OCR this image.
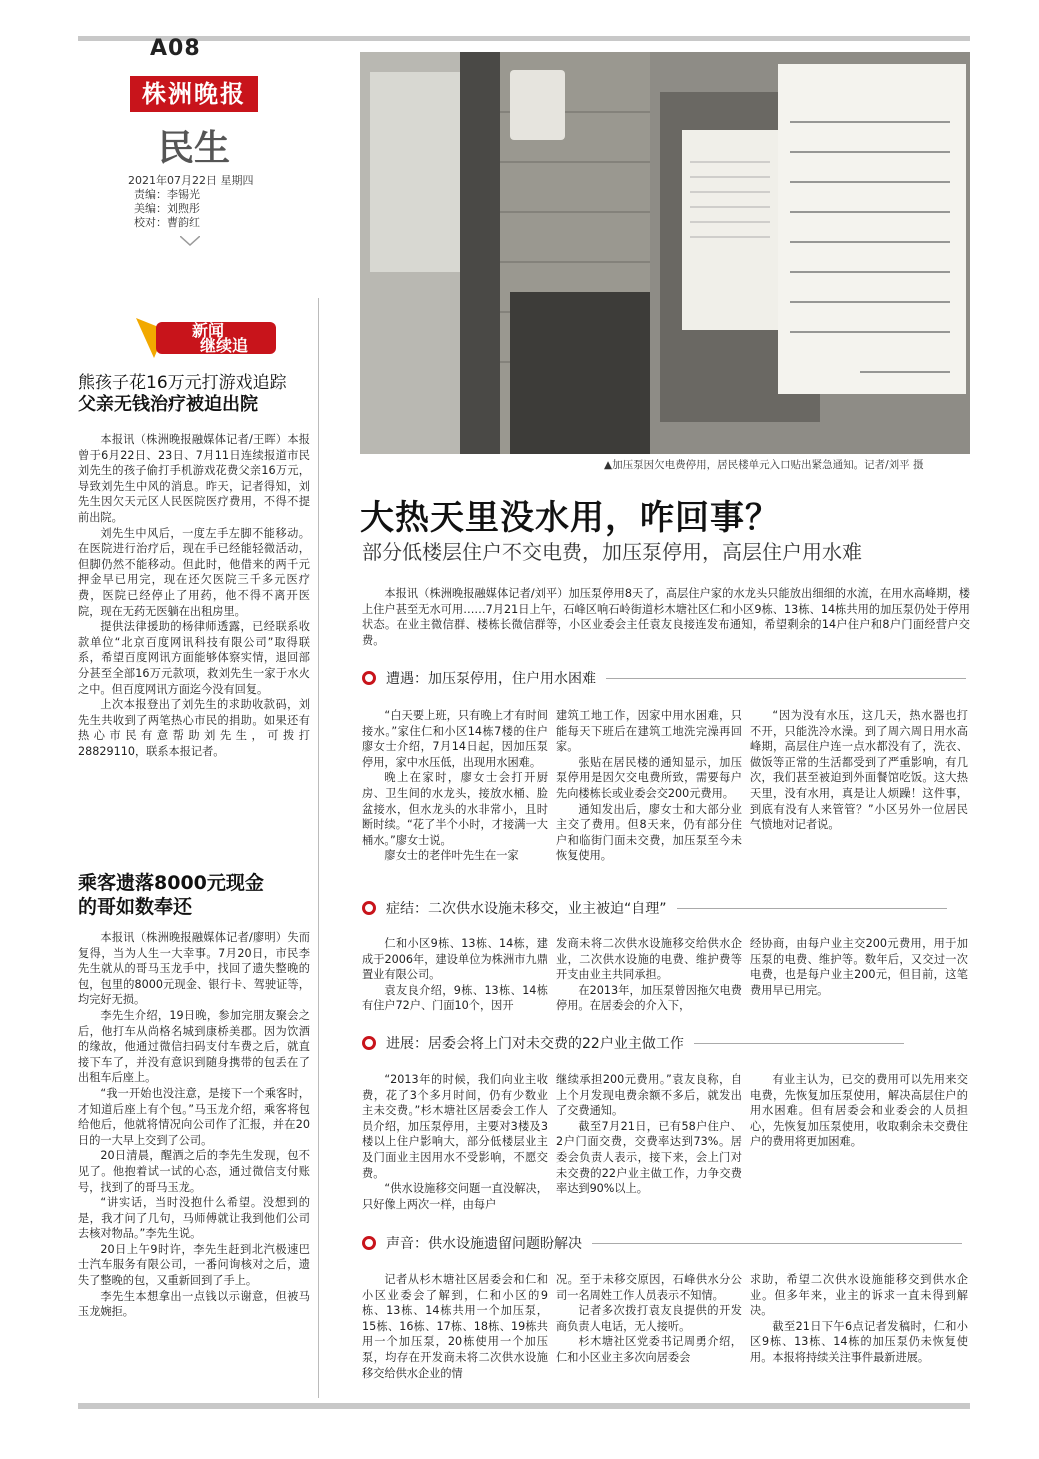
A08
株洲晚报
民生
2021年07月22日 星期四
责编：李锡光
美编：刘煦彤
校对：曹韵红
新闻
继续追
熊孩子花16万元打游戏追踪
父亲无钱治疗被迫出院

本报讯（株洲晚报融媒体记者/王晖）本报曾于6月22日、23日、7月11日连续报道市民刘先生的孩子偷打手机游戏花费父亲16万元，导致刘先生中风的消息。昨天，记者得知，刘先生因欠天元区人民医院医疗费用，不得不提前出院。

刘先生中风后，一度左手左脚不能移动。在医院进行治疗后，现在手已经能轻微活动，但脚仍然不能移动。但此时，他借来的两千元押金早已用完，现在还欠医院三千多元医疗费，医院已经停止了用药，他不得不离开医院，现在无药无医躺在出租房里。

提供法律援助的杨律师透露，已经联系收款单位“北京百度网讯科技有限公司”取得联系，希望百度网讯方面能够体察实情，退回部分甚至全部16万元款项，救刘先生一家于水火之中。但百度网讯方面迄今没有回复。

上次本报登出了刘先生的求助收款码，刘先生共收到了两笔热心市民的捐助。如果还有热心市民有意帮助刘先生，可拨打28829110，联系本报记者。

乘客遗落8000元现金
的哥如数奉还

本报讯（株洲晚报融媒体记者/廖明）失而复得，当为人生一大幸事。7月20日，市民李先生就从的哥马玉龙手中，找回了遗失整晚的包，包里的8000元现金、银行卡、驾驶证等，均完好无损。

李先生介绍，19日晚，参加完朋友聚会之后，他打车从尚格名城到康桥美郡。因为饮酒的缘故，他通过微信扫码支付车费之后，就直接下车了，并没有意识到随身携带的包丢在了出租车后座上。

“我一开始也没注意，是接下一个乘客时，才知道后座上有个包。”马玉龙介绍，乘客将包给他后，他就将情况向公司作了汇报，并在20日的一大早上交到了公司。

20日清晨，醒酒之后的李先生发现，包不见了。他抱着试一试的心态，通过微信支付账号，找到了的哥马玉龙。

“讲实话，当时没抱什么希望。没想到的是，我才问了几句，马师傅就让我到他们公司去核对物品。”李先生说。

20日上午9时许，李先生赶到北汽极速巴士汽车服务有限公司，一番问询核对之后，遗失了整晚的包，又重新回到了手上。

李先生本想拿出一点钱以示谢意，但被马玉龙婉拒。

▲加压泵因欠电费停用，居民楼单元入口贴出紧急通知。记者/刘平 摄
大热天里没水用，咋回事？
部分低楼层住户不交电费，加压泵停用，高层住户用水难

本报讯（株洲晚报融媒体记者/刘平）加压泵停用8天了，高层住户家的水龙头只能放出细细的水流，在用水高峰期，楼上住户甚至无水可用……7月21日上午，石峰区响石岭街道杉木塘社区仁和小区9栋、13栋、14栋共用的加压泵仍处于停用状态。在业主微信群、楼栋长微信群等，小区业委会主任袁友良接连发布通知，希望剩余的14户住户和8户门面经营户交费。

遭遇：加压泵停用，住户用水困难

“白天要上班，只有晚上才有时间接水。”家住仁和小区14栋7楼的住户廖女士介绍，7月14日起，因加压泵停用，家中水压低，出现用水困难。

晚上在家时，廖女士会打开厨房、卫生间的水龙头，接放水桶、脸盆接水，但水龙头的水非常小，且时断时续。“花了半个小时，才接满一大桶水。”廖女士说。

廖女士的老伴叶先生在一家

建筑工地工作，因家中用水困难，只能每天下班后在建筑工地洗完澡再回家。

张贴在居民楼的通知显示，加压泵停用是因欠交电费所致，需要每户先向楼栋长或业委会交200元费用。

通知发出后，廖女士和大部分业主交了费用。但8天来，仍有部分住户和临街门面未交费，加压泵至今未恢复使用。

“因为没有水压，这几天，热水器也打不开，只能洗冷水澡。到了周六周日用水高峰期，高层住户连一点水都没有了，洗衣、做饭等正常的生活都受到了严重影响，有几次，我们甚至被迫到外面餐馆吃饭。这大热天里，没有水用，真是让人烦躁！这件事，到底有没有人来管管？”小区另外一位居民气愤地对记者说。

症结：二次供水设施未移交，业主被迫“自理”

仁和小区9栋、13栋、14栋，建成于2006年，建设单位为株洲市九鼎置业有限公司。

袁友良介绍，9栋、13栋、14栋有住户72户、门面10个，因开

发商未将二次供水设施移交给供水企业，二次供水设施的电费、维护费等开支由业主共同承担。

在2013年，加压泵曾因拖欠电费停用。在居委会的介入下，

经协商，由每户业主交200元费用，用于加压泵的电费、维护等。数年后，又交过一次电费，也是每户业主200元，但目前，这笔费用早已用完。

进展：居委会将上门对未交费的22户业主做工作

“2013年的时候，我们向业主收费，花了3个多月时间，仍有少数业主未交费。”杉木塘社区居委会工作人员介绍，加压泵停用，主要对3楼及3楼以上住户影响大，部分低楼层业主及门面业主因用水不受影响，不愿交费。

“供水设施移交问题一直没解决，只好像上两次一样，由每户

继续承担200元费用。”袁友良称，自上个月发现电费余额不多后，就发出了交费通知。

截至7月21日，已有58户住户、2户门面交费，交费率达到73%。居委会负责人表示，接下来，会上门对未交费的22户业主做工作，力争交费率达到90%以上。

有业主认为，已交的费用可以先用来交电费，先恢复加压泵使用，解决高层住户的用水困难。但有居委会和业委会的人员担心，先恢复加压泵使用，收取剩余未交费住户的费用将更加困难。

声音：供水设施遗留问题盼解决

记者从杉木塘社区居委会和仁和小区业委会了解到，仁和小区的9栋、13栋、14栋共用一个加压泵，15栋、16栋、17栋、18栋、19栋共用一个加压泵，20栋使用一个加压泵，均存在开发商未将二次供水设施移交给供水企业的情

况。至于未移交原因，石峰供水分公司一名周姓工作人员表示不知情。

记者多次拨打袁友良提供的开发商负责人电话，无人接听。

杉木塘社区党委书记周勇介绍，仁和小区业主多次向居委会

求助，希望二次供水设施能移交到供水企业。但多年来，业主的诉求一直未得到解决。

截至21日下午6点记者发稿时，仁和小区9栋、13栋、14栋的加压泵仍未恢复使用。本报将持续关注事件最新进展。
